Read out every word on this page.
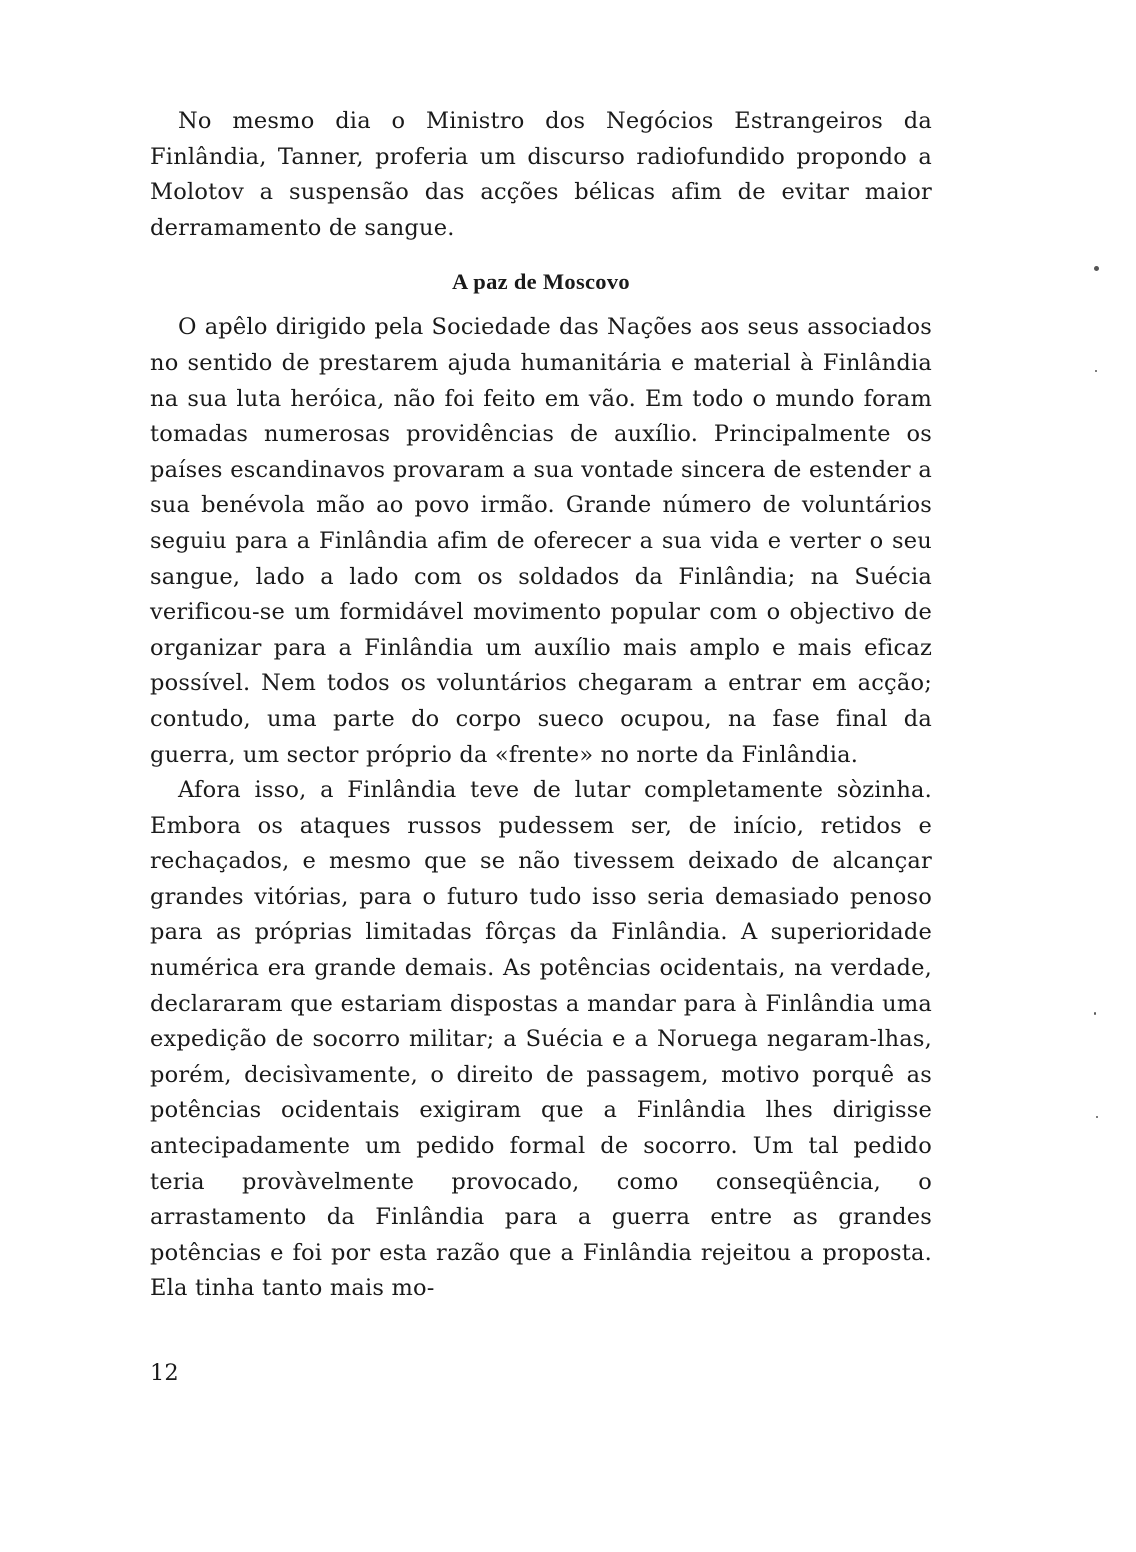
No mesmo dia o Ministro dos Negócios Estrangeiros da Finlândia, Tanner, proferia um discurso radiofundido propondo a Molotov a suspensão das acções bélicas afim de evitar maior derramamento de sangue.

A paz de Moscovo

O apêlo dirigido pela Sociedade das Nações aos seus associados no sentido de prestarem ajuda humanitária e material à Finlândia na sua luta heróica, não foi feito em vão. Em todo o mundo foram tomadas numerosas providências de auxílio. Principalmente os países escandinavos provaram a sua vontade sincera de estender a sua benévola mão ao povo irmão. Grande número de voluntários seguiu para a Finlândia afim de oferecer a sua vida e verter o seu sangue, lado a lado com os soldados da Finlândia; na Suécia verificou-se um formidável movimento popular com o objectivo de organizar para a Finlândia um auxílio mais amplo e mais eficaz possível. Nem todos os voluntários chegaram a entrar em acção; contudo, uma parte do corpo sueco ocupou, na fase final da guerra, um sector próprio da «frente» no norte da Finlândia.

Afora isso, a Finlândia teve de lutar completamente sòzinha. Embora os ataques russos pudessem ser, de início, retidos e rechaçados, e mesmo que se não tivessem deixado de alcançar grandes vitórias, para o futuro tudo isso seria demasiado penoso para as próprias limitadas fôrças da Finlândia. A superioridade numérica era grande demais. As potências ocidentais, na verdade, declararam que estariam dispostas a mandar para à Finlândia uma expedição de socorro militar; a Suécia e a Noruega negaram-lhas, porém, decisìvamente, o direito de passagem, motivo porquê as potências ocidentais exigiram que a Finlândia lhes dirigisse antecipadamente um pedido formal de socorro. Um tal pedido teria provàvelmente provocado, como conseqüência, o arrastamento da Finlândia para a guerra entre as grandes potências e foi por esta razão que a Finlândia rejeitou a proposta. Ela tinha tanto mais mo-

12
